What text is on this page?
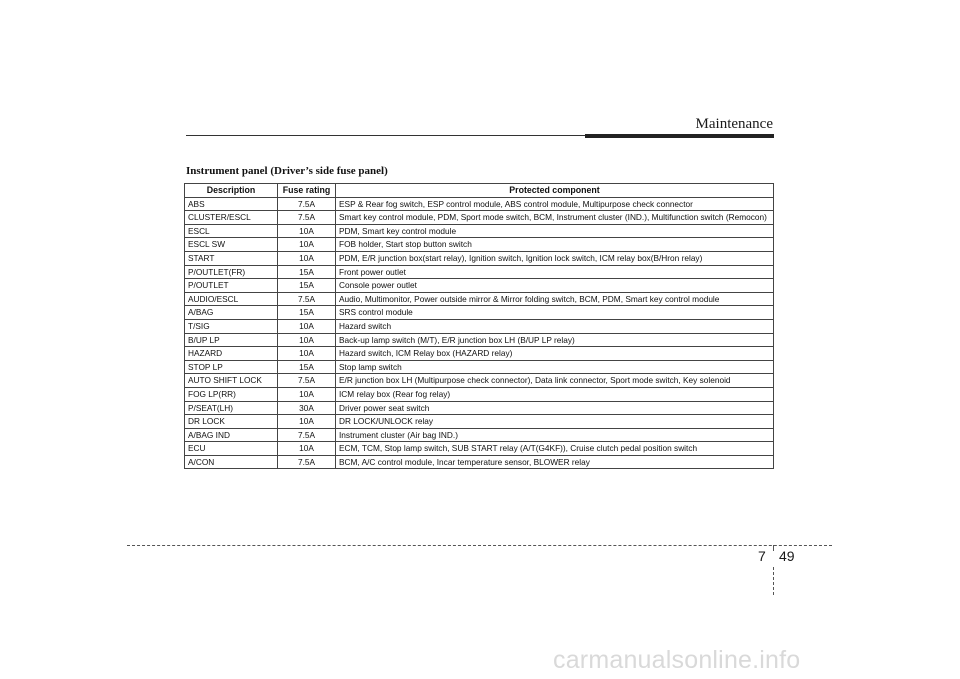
Maintenance
Instrument panel (Driver’s side fuse panel)
Description	Fuse rating	Protected component
ABS	7.5A	ESP & Rear fog switch, ESP control module, ABS control module, Multipurpose check connector
CLUSTER/ESCL	7.5A	Smart key control module, PDM, Sport mode switch, BCM, Instrument cluster (IND.), Multifunction switch (Remocon)
ESCL	10A	PDM, Smart key control module
ESCL SW	10A	FOB holder, Start stop button switch
START	10A	PDM, E/R junction box(start relay), Ignition switch, Ignition lock switch, ICM relay box(B/Hron relay)
P/OUTLET(FR)	15A	Front power outlet
P/OUTLET	15A	Console power outlet
AUDIO/ESCL	7.5A	Audio, Multimonitor, Power outside mirror & Mirror folding switch, BCM, PDM, Smart key control module
A/BAG	15A	SRS control module
T/SIG	10A	Hazard switch
B/UP LP	10A	Back-up lamp switch (M/T), E/R junction box LH (B/UP LP relay)
HAZARD	10A	Hazard switch, ICM Relay box (HAZARD relay)
STOP LP	15A	Stop lamp switch
AUTO SHIFT LOCK	7.5A	E/R junction box LH (Multipurpose check connector), Data link connector, Sport mode switch, Key solenoid
FOG LP(RR)	10A	ICM relay box (Rear fog relay)
P/SEAT(LH)	30A	Driver power seat switch
DR LOCK	10A	DR LOCK/UNLOCK relay
A/BAG IND	7.5A	Instrument cluster (Air bag IND.)
ECU	10A	ECM, TCM, Stop lamp switch, SUB START relay (A/T(G4KF)), Cruise clutch pedal position switch
A/CON	7.5A	BCM, A/C control module, Incar temperature sensor, BLOWER relay
7 49
carmanualsonline.info
